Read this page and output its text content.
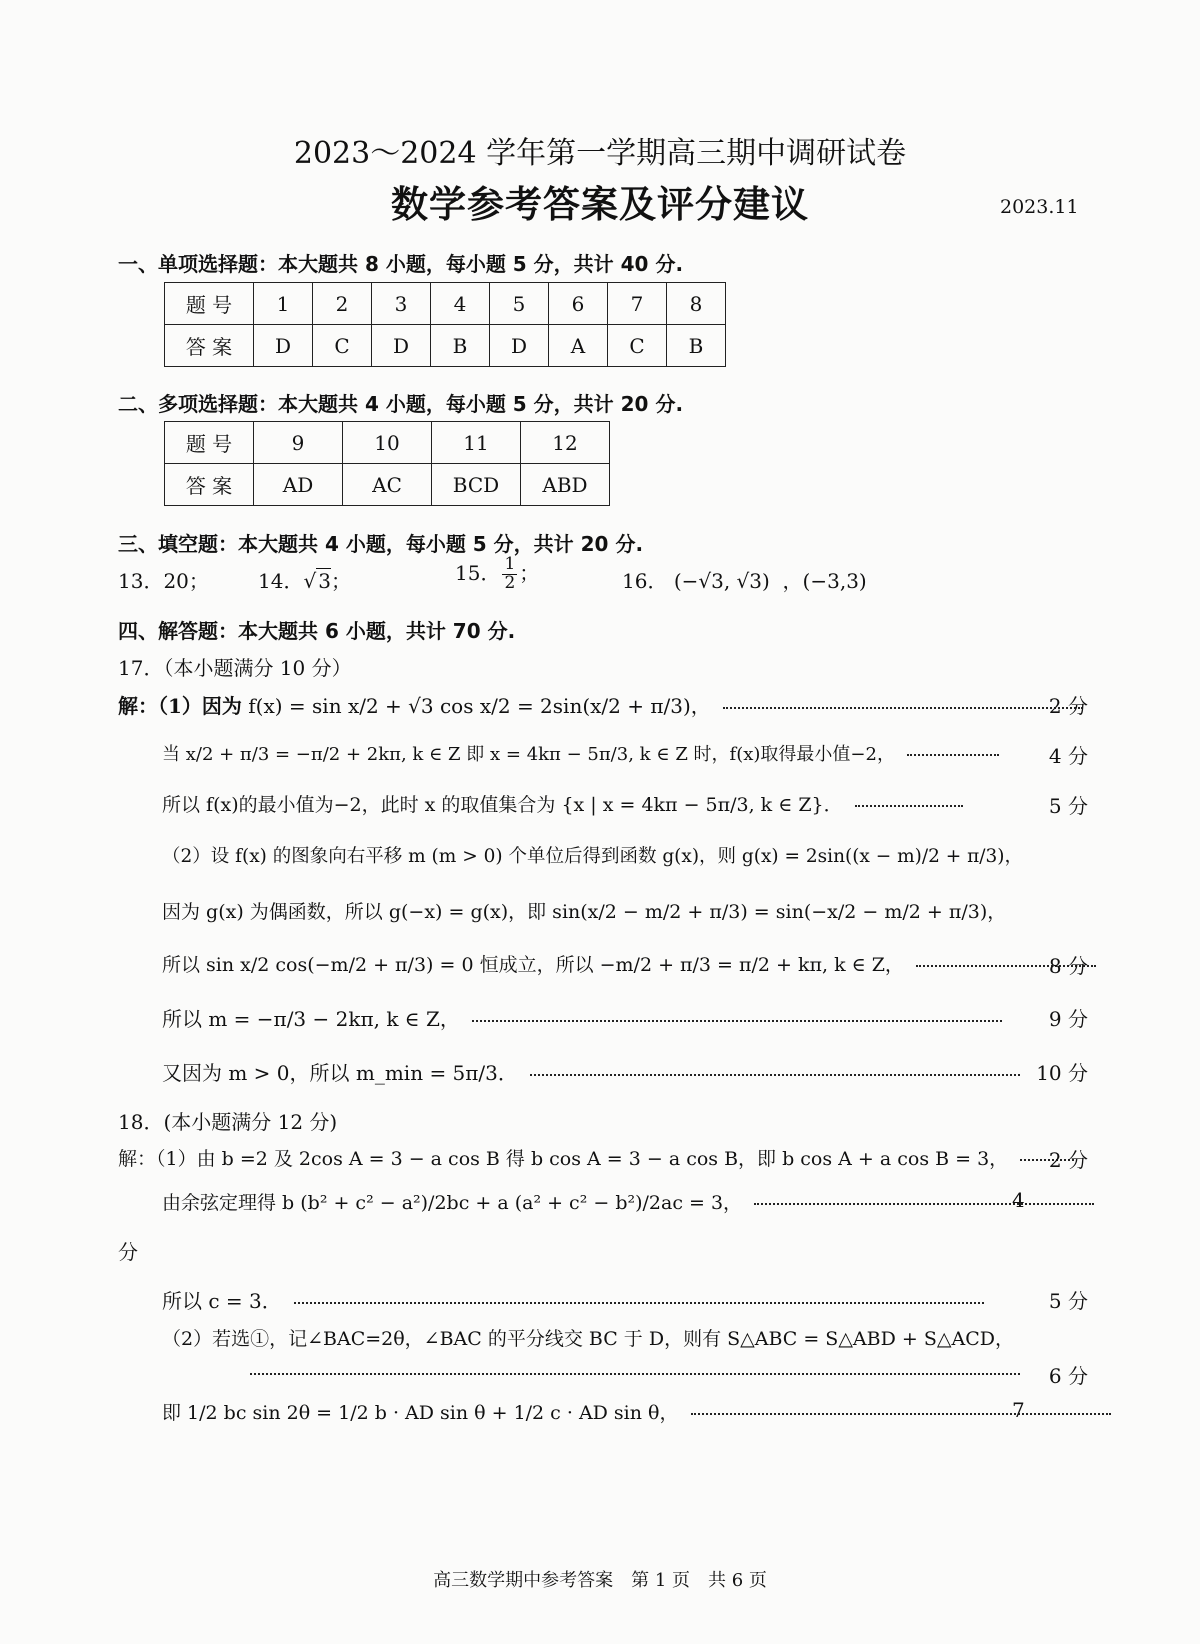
2023～2024 学年第一学期高三期中调研试卷
数学参考答案及评分建议	2023.11
一、单项选择题：本大题共 8 小题，每小题 5 分，共计 40 分.
题 号	1	2	3	4	5	6	7	8
答 案	D	C	D	B	D	A	C	B
二、多项选择题：本大题共 4 小题，每小题 5 分，共计 20 分.
题 号	9	10	11	12
答 案	AD	AC	BCD	ABD
三、填空题：本大题共 4 小题，每小题 5 分，共计 20 分.
13．20； 14．√ 3；	15． $\frac{1}{2}$ ；	16． (−√3, √3) ，(−3,3)
四、解答题：本大题共 6 小题，共计 70 分.
17．（本小题满分 10 分）
解：（1）因为 f(x) = sin x/2 + √3 cos x/2 = 2sin(x/2 + π/3)，	2 分
当 x/2 + π/3 = −π/2 + 2kπ, k ∈ Z 即 x = 4kπ − 5π/3, k ∈ Z 时，f(x)取得最小值−2，	4 分
所以 f(x)的最小值为−2，此时 x 的取值集合为 {x | x = 4kπ − 5π/3, k ∈ Z}．	5 分
（2）设 f(x) 的图象向右平移 m (m > 0) 个单位后得到函数 g(x)，则 g(x) = 2sin((x − m)/2 + π/3)，
因为 g(x) 为偶函数，所以 g(−x) = g(x)，即 sin(x/2 − m/2 + π/3) = sin(−x/2 − m/2 + π/3)，
所以 sin x/2 cos(−m/2 + π/3) = 0 恒成立，所以 −m/2 + π/3 = π/2 + kπ, k ∈ Z，	8 分
所以 m = −π/3 − 2kπ, k ∈ Z，	9 分
又因为 m > 0，所以 m_min = 5π/3．	10 分
18．(本小题满分 12 分)
解：（1）由 b =2 及 2cos A = 3 − a cos B 得 b cos A = 3 − a cos B，即 b cos A + a cos B = 3，	2 分
由余弦定理得 b (b² + c² − a²)/2bc + a (a² + c² − b²)/2ac = 3，	4
分
所以 c = 3．	5 分
（2）若选①，记∠BAC=2θ，∠BAC 的平分线交 BC 于 D，则有 S△ABC = S△ABD + S△ACD，
6 分
即 1/2 bc sin 2θ = 1/2 b · AD sin θ + 1/2 c · AD sin θ，	7
高三数学期中参考答案　第 1 页　共 6 页
